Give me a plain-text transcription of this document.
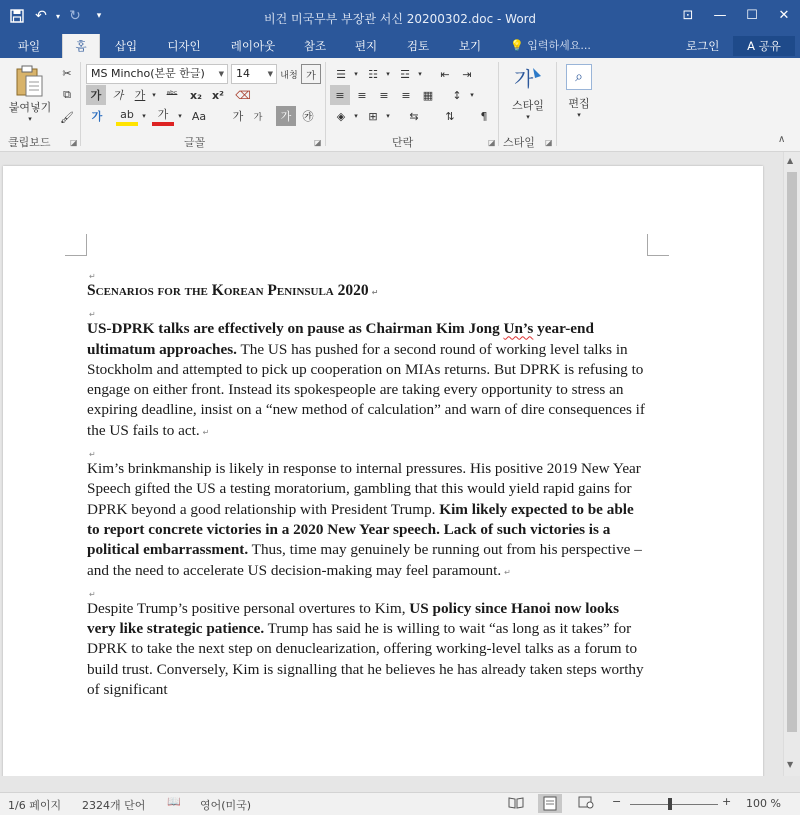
↶	▾ ↻	▾	비건 미국무부 부장관 서신 20200302.doc - Word	⊡	—	☐	✕
파일	홈	삽입	디자인	레이아웃	참조	편지	검토	보기	💡 입력하세요...	로그인	A 공유
붙여넣기
▾
✂
⧉
🖌
클립보드 ◪
MS Mincho(본문 한글) ▼	14	▼ 내청 가
가	가	가 ▾	ᵃᵇᶜ	x₂ x²	⌫
가	ab	▾	가	▾ Aa	가	가	가	㉮
글꼴	◪
☰	▾ ☷	▾ ☲	▾	⇤	⇥
≡	≡	≡	≡	▦	↕	▾
◈	▾ ⊞	▾	⇆	⇅	¶
단락	◪
가
스타일
▾
스타일 ◪
⌕
편집
▾
∧
↵

Scenarios for the Korean Peninsula 2020 ↵

↵

US-DPRK talks are effectively on pause as Chairman Kim Jong Un’s year-end ultimatum approaches. The US has pushed for a second round of working level talks in Stockholm and attempted to pick up cooperation on MIAs returns. But DPRK is refusing to engage on either front. Instead its spokespeople are taking every opportunity to stress an expiring deadline, insist on a “new method of calculation” and warn of dire consequences if the US fails to act. ↵

↵

Kim’s brinkmanship is likely in response to internal pressures. His positive 2019 New Year Speech gifted the US a testing moratorium, gambling that this would yield rapid gains for DPRK beyond a good relationship with President Trump. Kim likely expected to be able to report concrete victories in a 2020 New Year speech. Lack of such victories is a political embarrassment. Thus, time may genuinely be running out from his perspective – and the need to accelerate US decision-making may feel paramount. ↵

↵

Despite Trump’s positive personal overtures to Kim, US policy since Hanoi now looks very like strategic patience. Trump has said he is willing to wait “as long as it takes” for DPRK to take the next step on denuclearization, offering working-level talks as a forum to build trust. Conversely, Kim is signalling that he believes he has already taken steps worthy of significant

▲
▼
1/6 페이지 2324개 단어 📖 영어(미국)	−	+ 100 %
